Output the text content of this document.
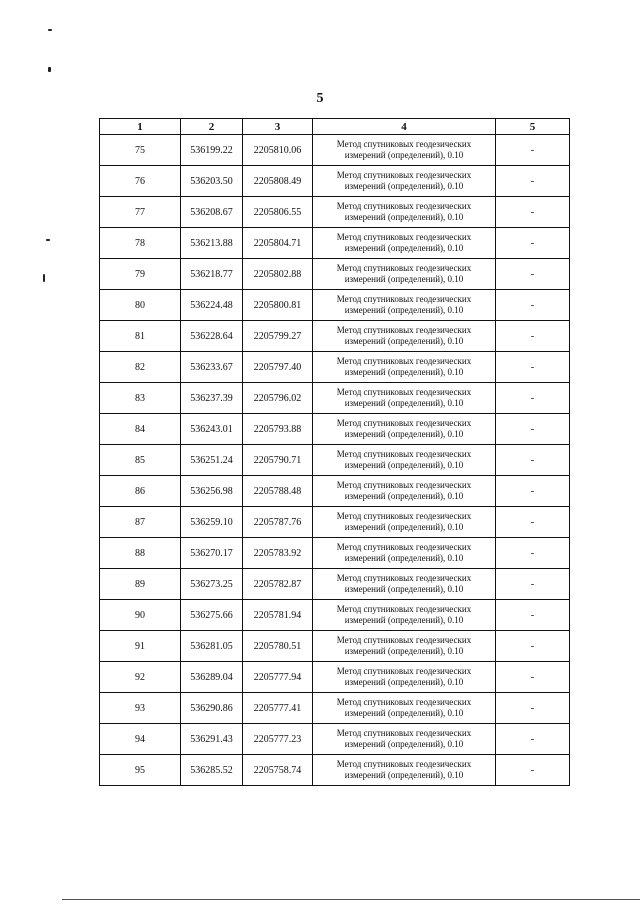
5
1	2	3	4	5
75	536199.22	2205810.06	Метод спутниковых геодезических
измерений (определений), 0.10	-
76	536203.50	2205808.49	Метод спутниковых геодезических
измерений (определений), 0.10	-
77	536208.67	2205806.55	Метод спутниковых геодезических
измерений (определений), 0.10	-
78	536213.88	2205804.71	Метод спутниковых геодезических
измерений (определений), 0.10	-
79	536218.77	2205802.88	Метод спутниковых геодезических
измерений (определений), 0.10	-
80	536224.48	2205800.81	Метод спутниковых геодезических
измерений (определений), 0.10	-
81	536228.64	2205799.27	Метод спутниковых геодезических
измерений (определений), 0.10	-
82	536233.67	2205797.40	Метод спутниковых геодезических
измерений (определений), 0.10	-
83	536237.39	2205796.02	Метод спутниковых геодезических
измерений (определений), 0.10	-
84	536243.01	2205793.88	Метод спутниковых геодезических
измерений (определений), 0.10	-
85	536251.24	2205790.71	Метод спутниковых геодезических
измерений (определений), 0.10	-
86	536256.98	2205788.48	Метод спутниковых геодезических
измерений (определений), 0.10	-
87	536259.10	2205787.76	Метод спутниковых геодезических
измерений (определений), 0.10	-
88	536270.17	2205783.92	Метод спутниковых геодезических
измерений (определений), 0.10	-
89	536273.25	2205782.87	Метод спутниковых геодезических
измерений (определений), 0.10	-
90	536275.66	2205781.94	Метод спутниковых геодезических
измерений (определений), 0.10	-
91	536281.05	2205780.51	Метод спутниковых геодезических
измерений (определений), 0.10	-
92	536289.04	2205777.94	Метод спутниковых геодезических
измерений (определений), 0.10	-
93	536290.86	2205777.41	Метод спутниковых геодезических
измерений (определений), 0.10	-
94	536291.43	2205777.23	Метод спутниковых геодезических
измерений (определений), 0.10	-
95	536285.52	2205758.74	Метод спутниковых геодезических
измерений (определений), 0.10	-
